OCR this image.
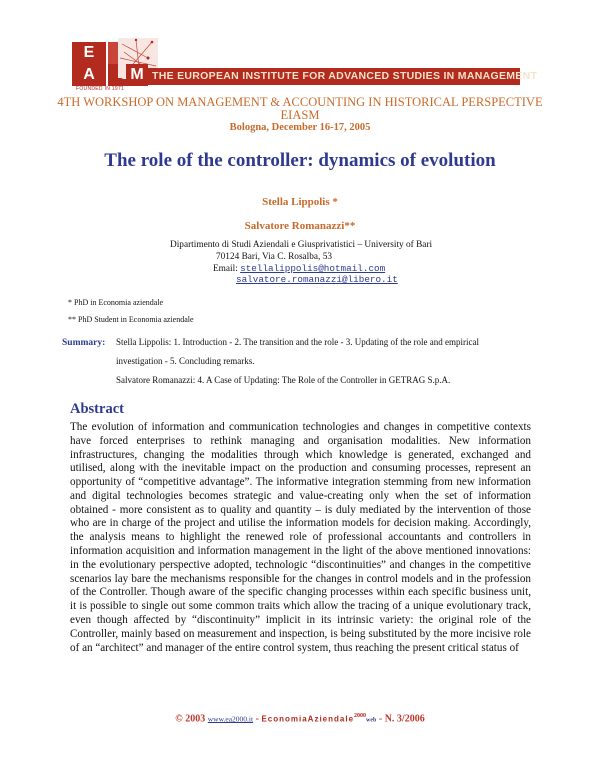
E
A	M THE EUROPEAN INSTITUTE FOR ADVANCED STUDIES IN MANAGEMENT
FOUNDED IN 1971
4TH WORKSHOP ON MANAGEMENT & ACCOUNTING IN HISTORICAL PERSPECTIVE
EIASM
Bologna, December 16-17, 2005
The role of the controller: dynamics of evolution
Stella Lippolis *
Salvatore Romanazzi**
Dipartimento di Studi Aziendali e Giusprivatistici – University of Bari
70124 Bari, Via C. Rosalba, 53
Email: stellalippolis@hotmail.com
salvatore.romanazzi@libero.it
* PhD in Economia aziendale
** PhD Student in Economia aziendale
Summary: Stella Lippolis: 1. Introduction - 2. The transition and the role - 3. Updating of the role and empirical
investigation - 5. Concluding remarks.
Salvatore Romanazzi: 4. A Case of Updating: The Role of the Controller in GETRAG S.p.A.
Abstract

The evolution of information and communication technologies and changes in competitive contexts have forced enterprises to rethink managing and organisation modalities. New information infrastructures, changing the modalities through which knowledge is generated, exchanged and utilised, along with the inevitable impact on the production and consuming processes, represent an opportunity of “competitive advantage”. The informative integration stemming from new information and digital technologies becomes strategic and value-creating only when the set of information obtained - more consistent as to quality and quantity – is duly mediated by the intervention of those who are in charge of the project and utilise the information models for decision making. Accordingly, the analysis means to highlight the renewed role of professional accountants and controllers in information acquisition and information management in the light of the above mentioned innovations: in the evolutionary perspective adopted, technologic “discontinuities” and changes in the competitive scenarios lay bare the mechanisms responsible for the changes in control models and in the profession of the Controller. Though aware of the specific changing processes within each specific business unit, it is possible to single out some common traits which allow the tracing of a unique evolutionary track, even though affected by “discontinuity” implicit in its intrinsic variety: the original role of the Controller, mainly based on measurement and inspection, is being substituted by the more incisive role of an “architect” and manager of the entire control system, thus reaching the present critical status of

© 2003 www.ea2000.it - EconomiaAziendale$^{2000}$web - N. 3/2006
